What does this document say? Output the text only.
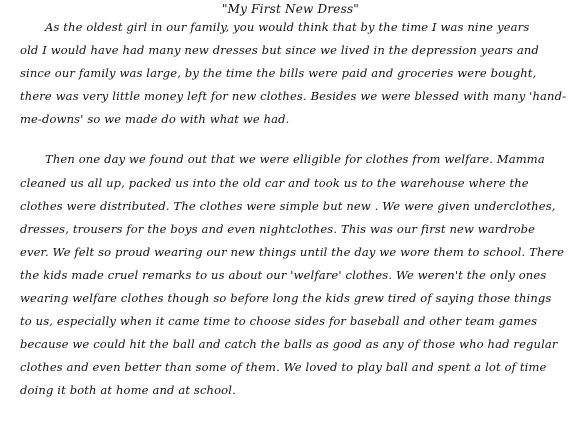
"My First New Dress"
As the oldest girl in our family, you would think that by the time I was nine years
old I would have had many new dresses but since we lived in the depression years and
since our family was large, by the time the bills were paid and groceries were bought,
there was very little money left for new clothes. Besides we were blessed with many 'hand-
me-downs' so we made do with what we had.
Then one day we found out that we were elligible for clothes from welfare. Mamma
cleaned us all up, packed us into the old car and took us to the warehouse where the
clothes were distributed. The clothes were simple but new . We were given underclothes,
dresses, trousers for the boys and even nightclothes. This was our first new wardrobe
ever. We felt so proud wearing our new things until the day we wore them to school. There
the kids made cruel remarks to us about our 'welfare' clothes. We weren't the only ones
wearing welfare clothes though so before long the kids grew tired of saying those things
to us, especially when it came time to choose sides for baseball and other team games
because we could hit the ball and catch the balls as good as any of those who had regular
clothes and even better than some of them. We loved to play ball and spent a lot of time
doing it both at home and at school.
